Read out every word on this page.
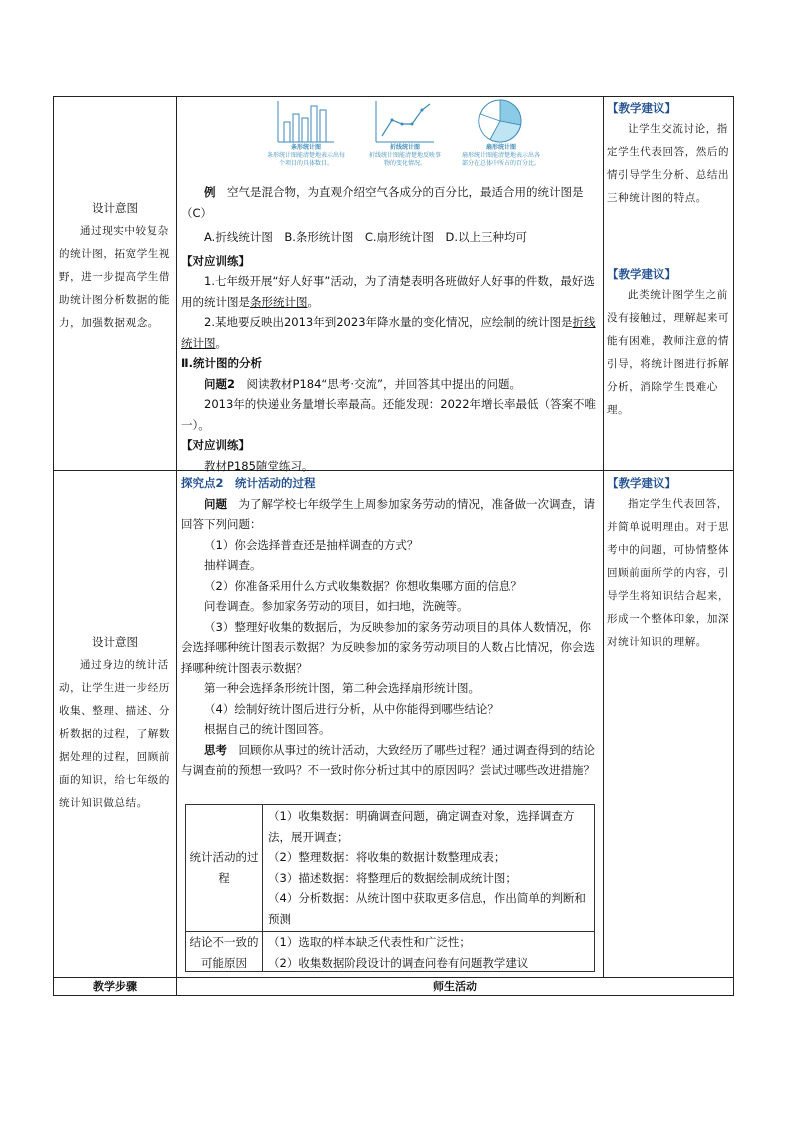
设计意图
通过现实中较复杂的统计图，拓宽学生视野，进一步提高学生借助统计图分析数据的能力，加强数据观念。
设计意图
通过身边的统计活动，让学生进一步经历收集、整理、描述、分析数据的过程，了解数据处理的过程，回顾前面的知识，给七年级的统计知识做总结。
条形统计图
条形统计图能清楚地表示出每个项目的具体数目。
折线统计图
折线统计图能清楚地反映事物的变化情况。
扇形统计图
扇形统计图能清楚地表示出各部分在总体中所占的百分比。

例　 空气是混合物，为直观介绍空气各成分的百分比，最适合用的统计图是（C）

A.折线统计图　B.条形统计图　C.扇形统计图　D.以上三种均可

【对应训练】

1.七年级开展“好人好事”活动，为了清楚表明各班做好人好事的件数，最好选用的统计图是条形统计图。

2.某地要反映出2013年到2023年降水量的变化情况，应绘制的统计图是折线统计图。

Ⅱ.统计图的分析

问题2　 阅读教材P184“思考·交流”，并回答其中提出的问题。

2013年的快递业务量增长率最高。还能发现：2022年增长率最低（答案不唯一）。

【对应训练】

教材P185随堂练习。

探究点2　统计活动的过程

问题　 为了解学校七年级学生上周参加家务劳动的情况，准备做一次调查，请回答下列问题：

（1）你会选择普查还是抽样调查的方式？

抽样调查。

（2）你准备采用什么方式收集数据？你想收集哪方面的信息？

问卷调查。参加家务劳动的项目，如扫地，洗碗等。

（3）整理好收集的数据后，为反映参加的家务劳动项目的具体人数情况，你会选择哪种统计图表示数据？为反映参加的家务劳动项目的人数占比情况，你会选择哪种统计图表示数据？

第一种会选择条形统计图，第二种会选择扇形统计图。

（4）绘制好统计图后进行分析，从中你能得到哪些结论？

根据自己的统计图回答。

思考　 回顾你从事过的统计活动，大致经历了哪些过程？通过调查得到的结论与调查前的预想一致吗？不一致时你分析过其中的原因吗？尝试过哪些改进措施？

统计活动的过程

（1）收集数据：明确调查问题，确定调查对象，选择调查方法，展开调查；

（2）整理数据：将收集的数据计数整理成表；

（3）描述数据：将整理后的数据绘制成统计图；

（4）分析数据：从统计图中获取更多信息，作出简单的判断和预测

结论不一致的可能原因

（1）选取的样本缺乏代表性和广泛性；

（2）收集数据阶段设计的调查问卷有问题教学建议

【教学建议】
让学生交流讨论，指定学生代表回答，然后的情引导学生分析、总结出三种统计图的特点。
【教学建议】
此类统计图学生之前没有接触过，理解起来可能有困难，教师注意的情引导，将统计图进行拆解分析，消除学生畏难心理。
【教学建议】
指定学生代表回答，并简单说明理由。对于思考中的问题，可协情整体回顾前面所学的内容，引导学生将知识结合起来，形成一个整体印象，加深对统计知识的理解。
教学步骤	师生活动
